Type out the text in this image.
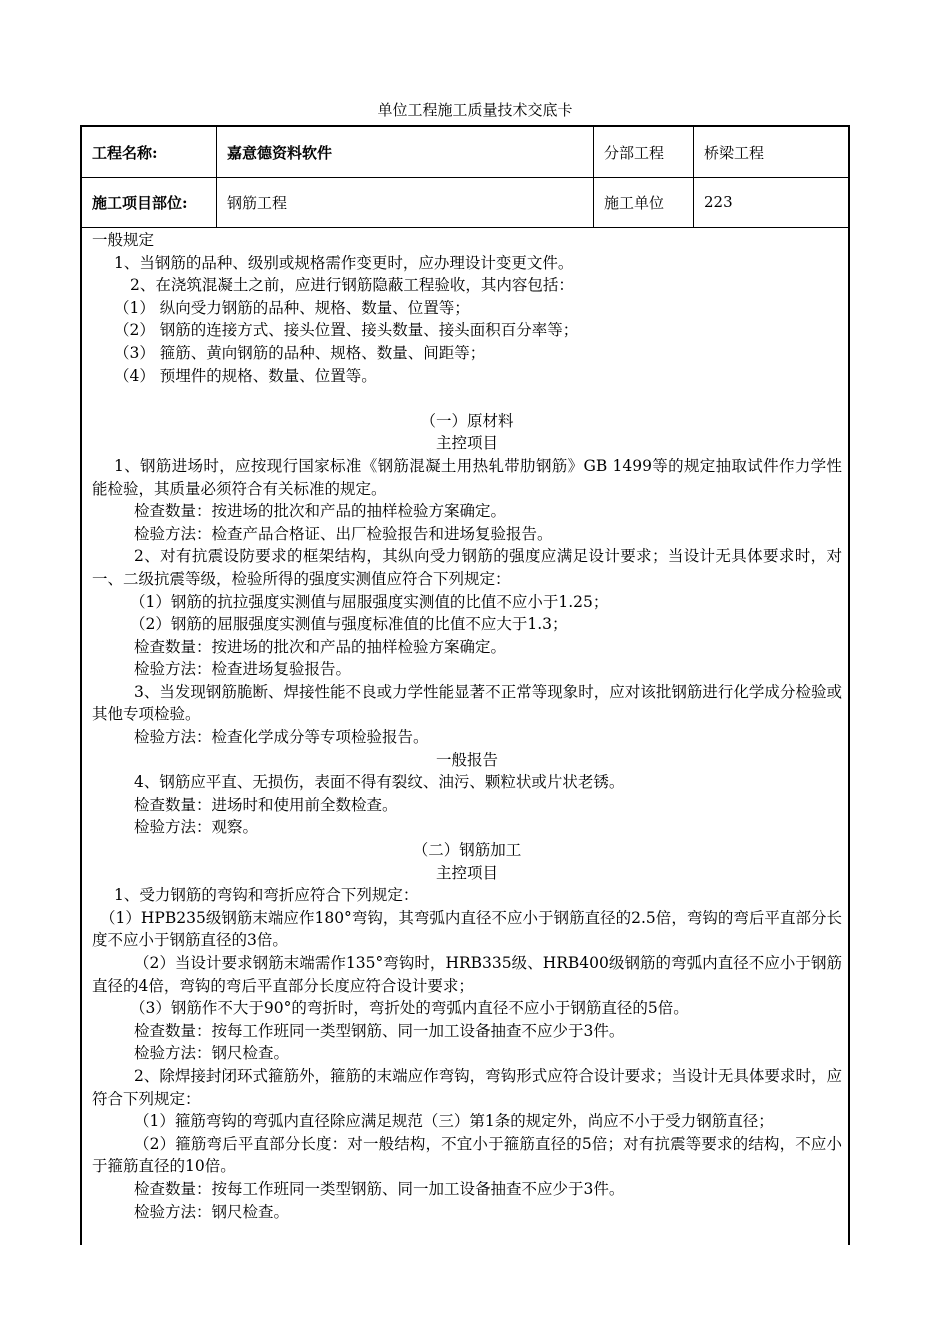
单位工程施工质量技术交底卡
工程名称:	嘉意德资料软件	分部工程	桥梁工程
施工项目部位:	钢筋工程	施工单位	223

一般规定

1、当钢筋的品种、级别或规格需作变更时，应办理设计变更文件。

2、在浇筑混凝土之前，应进行钢筋隐蔽工程验收，其内容包括：

（1） 纵向受力钢筋的品种、规格、数量、位置等；

（2） 钢筋的连接方式、接头位置、接头数量、接头面积百分率等；

（3） 箍筋、黄向钢筋的品种、规格、数量、间距等；

（4） 预埋件的规格、数量、位置等。

（一）原材料

主控项目

1、钢筋进场时，应按现行国家标准《钢筋混凝土用热轧带肋钢筋》GB 1499等的规定抽取试件作力学性能检验，其质量必须符合有关标准的规定。

检查数量：按进场的批次和产品的抽样检验方案确定。

检验方法：检查产品合格证、出厂检验报告和进场复验报告。

2、对有抗震设防要求的框架结构，其纵向受力钢筋的强度应满足设计要求；当设计无具体要求时，对一、二级抗震等级，检验所得的强度实测值应符合下列规定：

（1）钢筋的抗拉强度实测值与屈服强度实测值的比值不应小于1.25；

（2）钢筋的屈服强度实测值与强度标准值的比值不应大于1.3；

检查数量：按进场的批次和产品的抽样检验方案确定。

检验方法：检查进场复验报告。

3、当发现钢筋脆断、焊接性能不良或力学性能显著不正常等现象时，应对该批钢筋进行化学成分检验或其他专项检验。

检验方法：检查化学成分等专项检验报告。

一般报告

4、钢筋应平直、无损伤，表面不得有裂纹、油污、颗粒状或片状老锈。

检查数量：进场时和使用前全数检查。

检验方法：观察。

（二）钢筋加工

主控项目

1、受力钢筋的弯钩和弯折应符合下列规定：

（1）HPB235级钢筋末端应作180°弯钩，其弯弧内直径不应小于钢筋直径的2.5倍，弯钩的弯后平直部分长度不应小于钢筋直径的3倍。

（2）当设计要求钢筋末端需作135°弯钩时，HRB335级、HRB400级钢筋的弯弧内直径不应小于钢筋直径的4倍，弯钩的弯后平直部分长度应符合设计要求；

（3）钢筋作不大于90°的弯折时，弯折处的弯弧内直径不应小于钢筋直径的5倍。

检查数量：按每工作班同一类型钢筋、同一加工设备抽查不应少于3件。

检验方法：钢尺检查。

2、除焊接封闭环式箍筋外，箍筋的末端应作弯钩，弯钩形式应符合设计要求；当设计无具体要求时，应符合下列规定：

（1）箍筋弯钩的弯弧内直径除应满足规范（三）第1条的规定外，尚应不小于受力钢筋直径；

（2）箍筋弯后平直部分长度：对一般结构，不宜小于箍筋直径的5倍；对有抗震等要求的结构，不应小于箍筋直径的10倍。

检查数量：按每工作班同一类型钢筋、同一加工设备抽查不应少于3件。

检验方法：钢尺检查。
